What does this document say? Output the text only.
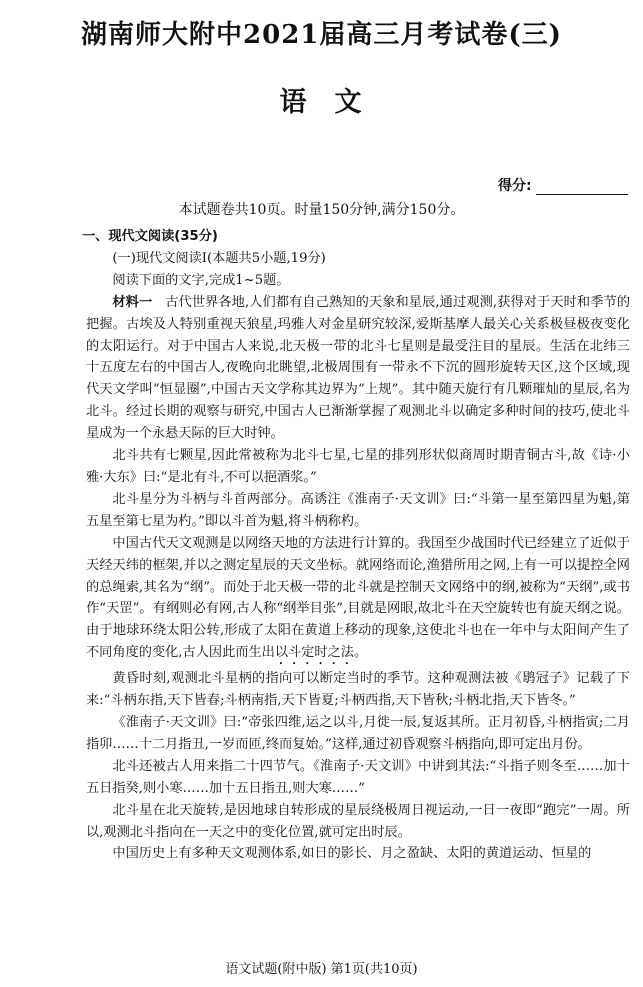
湖南师大附中2021届高三月考试卷(三)
语文
得分:
本试题卷共10页。时量150分钟,满分150分。

一、现代文阅读(35分)

(一)现代文阅读Ⅰ(本题共5小题,19分)

阅读下面的文字,完成1~5题。

材料一 古代世界各地,人们都有自己熟知的天象和星辰,通过观测,获得对于天时和季节的把握。古埃及人特别重视天狼星,玛雅人对金星研究较深,爱斯基摩人最关心关系极昼极夜变化的太阳运行。对于中国古人来说,北天极一带的北斗七星则是最受注目的星辰。生活在北纬三十五度左右的中国古人,夜晚向北眺望,北极周围有一带永不下沉的圆形旋转天区,这个区域,现代天文学叫“恒显圈”,中国古天文学称其边界为“上规”。其中随天旋行有几颗璀灿的星辰,名为北斗。经过长期的观察与研究,中国古人已渐渐掌握了观测北斗以确定多种时间的技巧,使北斗星成为一个永悬天际的巨大时钟。

北斗共有七颗星,因此常被称为北斗七星,七星的排列形状似商周时期青铜古斗,故《诗·小雅·大东》曰:“是北有斗,不可以挹酒浆。”

北斗星分为斗柄与斗首两部分。高诱注《淮南子·天文训》曰:“斗第一星至第四星为魁,第五星至第七星为杓。”即以斗首为魁,将斗柄称杓。

中国古代天文观测是以网络天地的方法进行计算的。我国至少战国时代已经建立了近似于天经天纬的框架,并以之测定星辰的天文坐标。就网络而论,渔猎所用之网,上有一可以提控全网的总绳索,其名为“纲”。而处于北天极一带的北斗就是控制天文网络中的纲,被称为“天纲”,或书作“天罡”。有纲则必有网,古人称“纲举目张”,目就是网眼,故北斗在天空旋转也有旋天纲之说。由于地球环绕太阳公转,形成了太阳在黄道上移动的现象,这使北斗也在一年中与太阳间产生了不同角度的变化,古人因此而生出以斗定时之法。

黄昏时刻,观测北斗星柄的指向可以断定当时的季节。这种观测法被《鹖冠子》记载了下来:“斗柄东指,天下皆春;斗柄南指,天下皆夏;斗柄西指,天下皆秋;斗柄北指,天下皆冬。”

《淮南子·天文训》曰:“帝张四维,运之以斗,月徙一辰,复返其所。正月初昏,斗柄指寅;二月指卯……十二月指丑,一岁而匝,终而复始。”这样,通过初昏观察斗柄指向,即可定出月份。

北斗还被古人用来指二十四节气。《淮南子·天文训》中讲到其法:“斗指子则冬至……加十五日指癸,则小寒……加十五日指丑,则大寒……”

北斗星在北天旋转,是因地球自转形成的星辰绕极周日视运动,一日一夜即“跑完”一周。所以,观测北斗指向在一天之中的变化位置,就可定出时辰。

中国历史上有多种天文观测体系,如日的影长、月之盈缺、太阳的黄道运动、恒星的

语文试题(附中版) 第1页(共10页)
